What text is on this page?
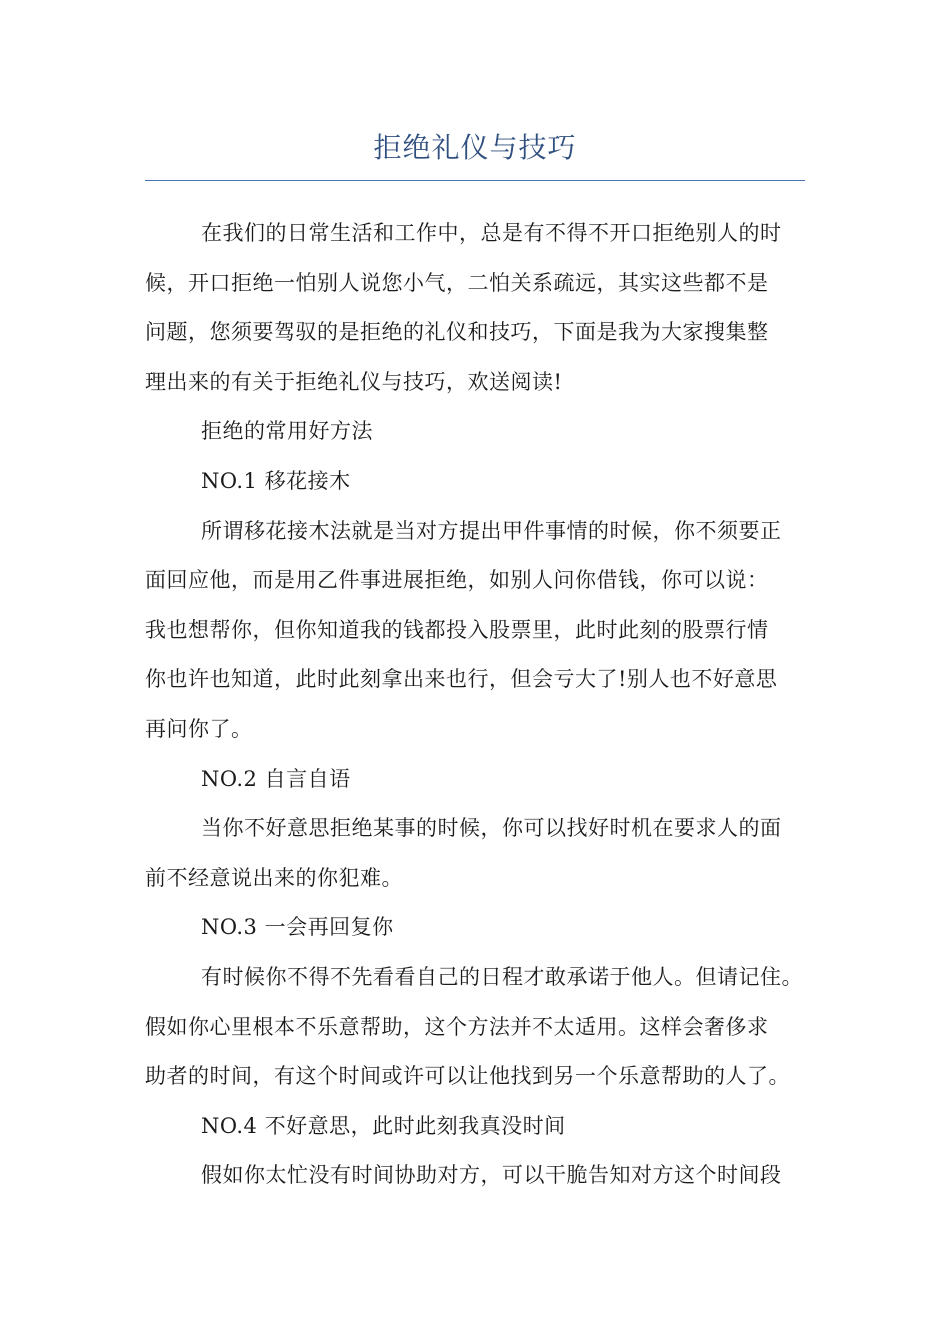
拒绝礼仪与技巧
在我们的日常生活和工作中，总是有不得不开口拒绝别人的时
候，开口拒绝一怕别人说您小气，二怕关系疏远，其实这些都不是
问题，您须要驾驭的是拒绝的礼仪和技巧，下面是我为大家搜集整
理出来的有关于拒绝礼仪与技巧，欢送阅读!
拒绝的常用好方法
NO.1 移花接木
所谓移花接木法就是当对方提出甲件事情的时候，你不须要正
面回应他，而是用乙件事进展拒绝，如别人问你借钱，你可以说：
我也想帮你，但你知道我的钱都投入股票里，此时此刻的股票行情
你也许也知道，此时此刻拿出来也行，但会亏大了!别人也不好意思
再问你了。
NO.2 自言自语
当你不好意思拒绝某事的时候，你可以找好时机在要求人的面
前不经意说出来的你犯难。
NO.3 一会再回复你
有时候你不得不先看看自己的日程才敢承诺于他人。但请记住。
假如你心里根本不乐意帮助，这个方法并不太适用。这样会奢侈求
助者的时间，有这个时间或许可以让他找到另一个乐意帮助的人了。
NO.4 不好意思，此时此刻我真没时间
假如你太忙没有时间协助对方，可以干脆告知对方这个时间段
